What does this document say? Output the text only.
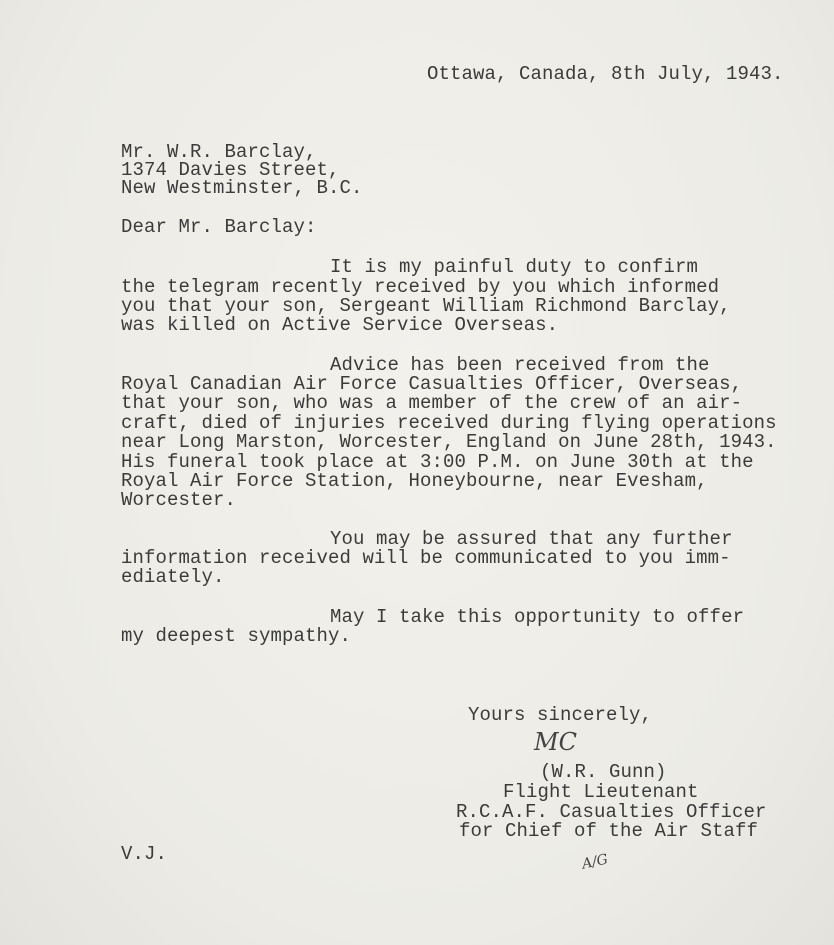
Ottawa, Canada, 8th July, 1943.
Mr. W.R. Barclay,
1374 Davies Street,
New Westminster, B.C.
Dear Mr. Barclay:
It is my painful duty to confirm
the telegram recently received by you which informed
you that your son, Sergeant William Richmond Barclay,
was killed on Active Service Overseas.
Advice has been received from the
Royal Canadian Air Force Casualties Officer, Overseas,
that your son, who was a member of the crew of an air-
craft, died of injuries received during flying operations
near Long Marston, Worcester, England on June 28th, 1943.
His funeral took place at 3:00 P.M. on June 30th at the
Royal Air Force Station, Honeybourne, near Evesham,
Worcester.
You may be assured that any further
information received will be communicated to you imm-
ediately.
May I take this opportunity to offer
my deepest sympathy.
Yours sincerely,
MC
(W.R. Gunn)
Flight Lieutenant
R.C.A.F. Casualties Officer
for Chief of the Air Staff
V.J.	A/G
